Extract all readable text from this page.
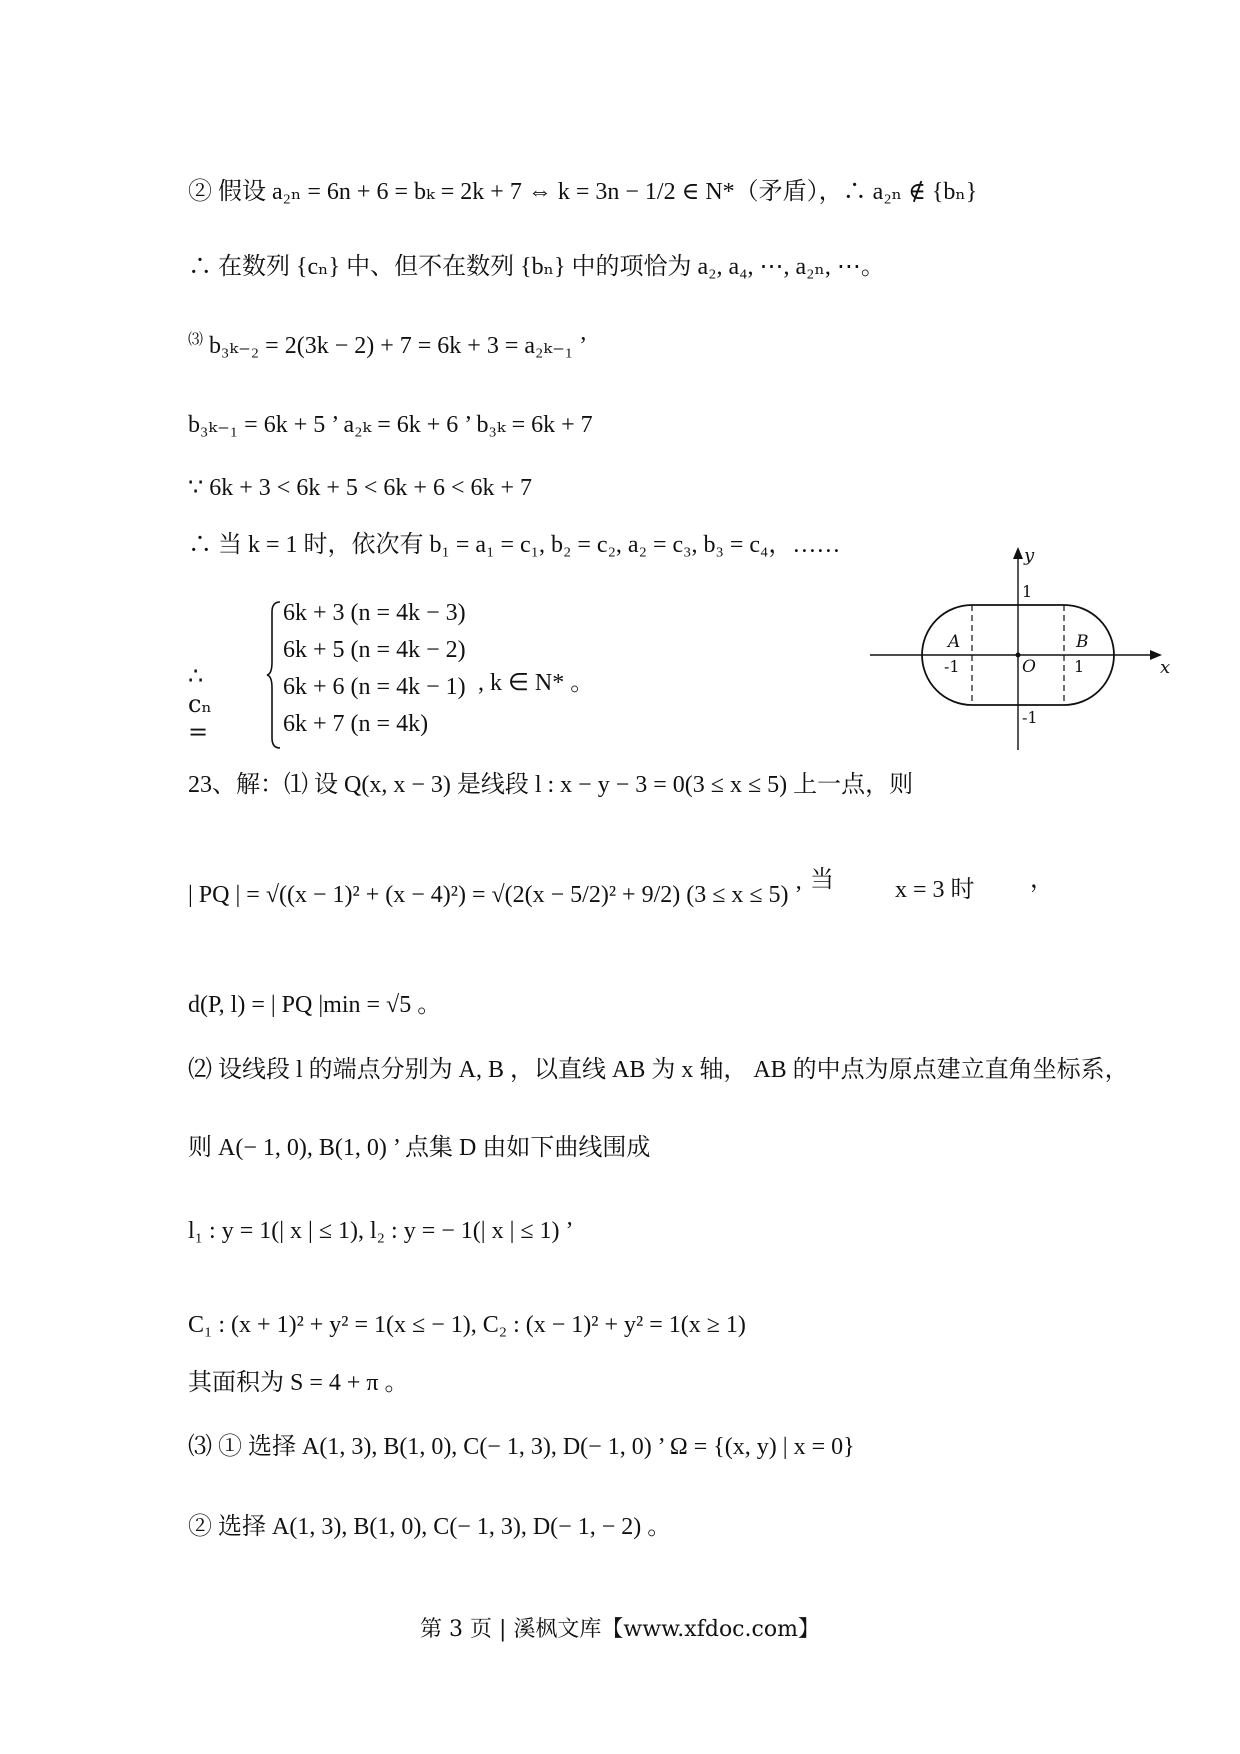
② 假设 a₂ₙ = 6n + 6 = bₖ = 2k + 7 ⇔ k = 3n − 1/2 ∈ N*（矛盾），∴ a₂ₙ ∉ {bₙ}
∴ 在数列 {cₙ} 中、但不在数列 {bₙ} 中的项恰为 a₂, a₄, ⋯, a₂ₙ, ⋯。
⑶ b₃ₖ₋₂ = 2(3k − 2) + 7 = 6k + 3 = a₂ₖ₋₁ ’
b₃ₖ₋₁ = 6k + 5 ’ a₂ₖ = 6k + 6 ’ b₃ₖ = 6k + 7
∵ 6k + 3 < 6k + 5 < 6k + 6 < 6k + 7
∴ 当 k = 1 时，依次有 b₁ = a₁ = c₁, b₂ = c₂, a₂ = c₃, b₃ = c₄，……
∴ cₙ =
6k + 3 (n = 4k − 3)
6k + 5 (n = 4k − 2)
6k + 6 (n = 4k − 1)
6k + 7 (n = 4k)
, k ∈ N* 。
y
x
O
A	B
1
-1
1
-1
23、解：⑴ 设 Q(x, x − 3) 是线段 l : x − y − 3 = 0(3 ≤ x ≤ 5) 上一点，则
| PQ | = √((x − 1)² + (x − 4)²) = √(2(x − 5/2)² + 9/2) (3 ≤ x ≤ 5) ’
当	x = 3 时 ，
d(P, l) = | PQ |min = √5 。
⑵ 设线段 l 的端点分别为 A, B ，以直线 AB 为 x 轴， AB 的中点为原点建立直角坐标系，
则 A(− 1, 0), B(1, 0) ’ 点集 D 由如下曲线围成
l₁ : y = 1(| x | ≤ 1), l₂ : y = − 1(| x | ≤ 1) ’
C₁ : (x + 1)² + y² = 1(x ≤ − 1), C₂ : (x − 1)² + y² = 1(x ≥ 1)
其面积为 S = 4 + π 。
⑶ ① 选择 A(1, 3), B(1, 0), C(− 1, 3), D(− 1, 0) ’ Ω = {(x, y) | x = 0}
② 选择 A(1, 3), B(1, 0), C(− 1, 3), D(− 1, − 2) 。
第 3 页 | 溪枫文库【www.xfdoc.com】
